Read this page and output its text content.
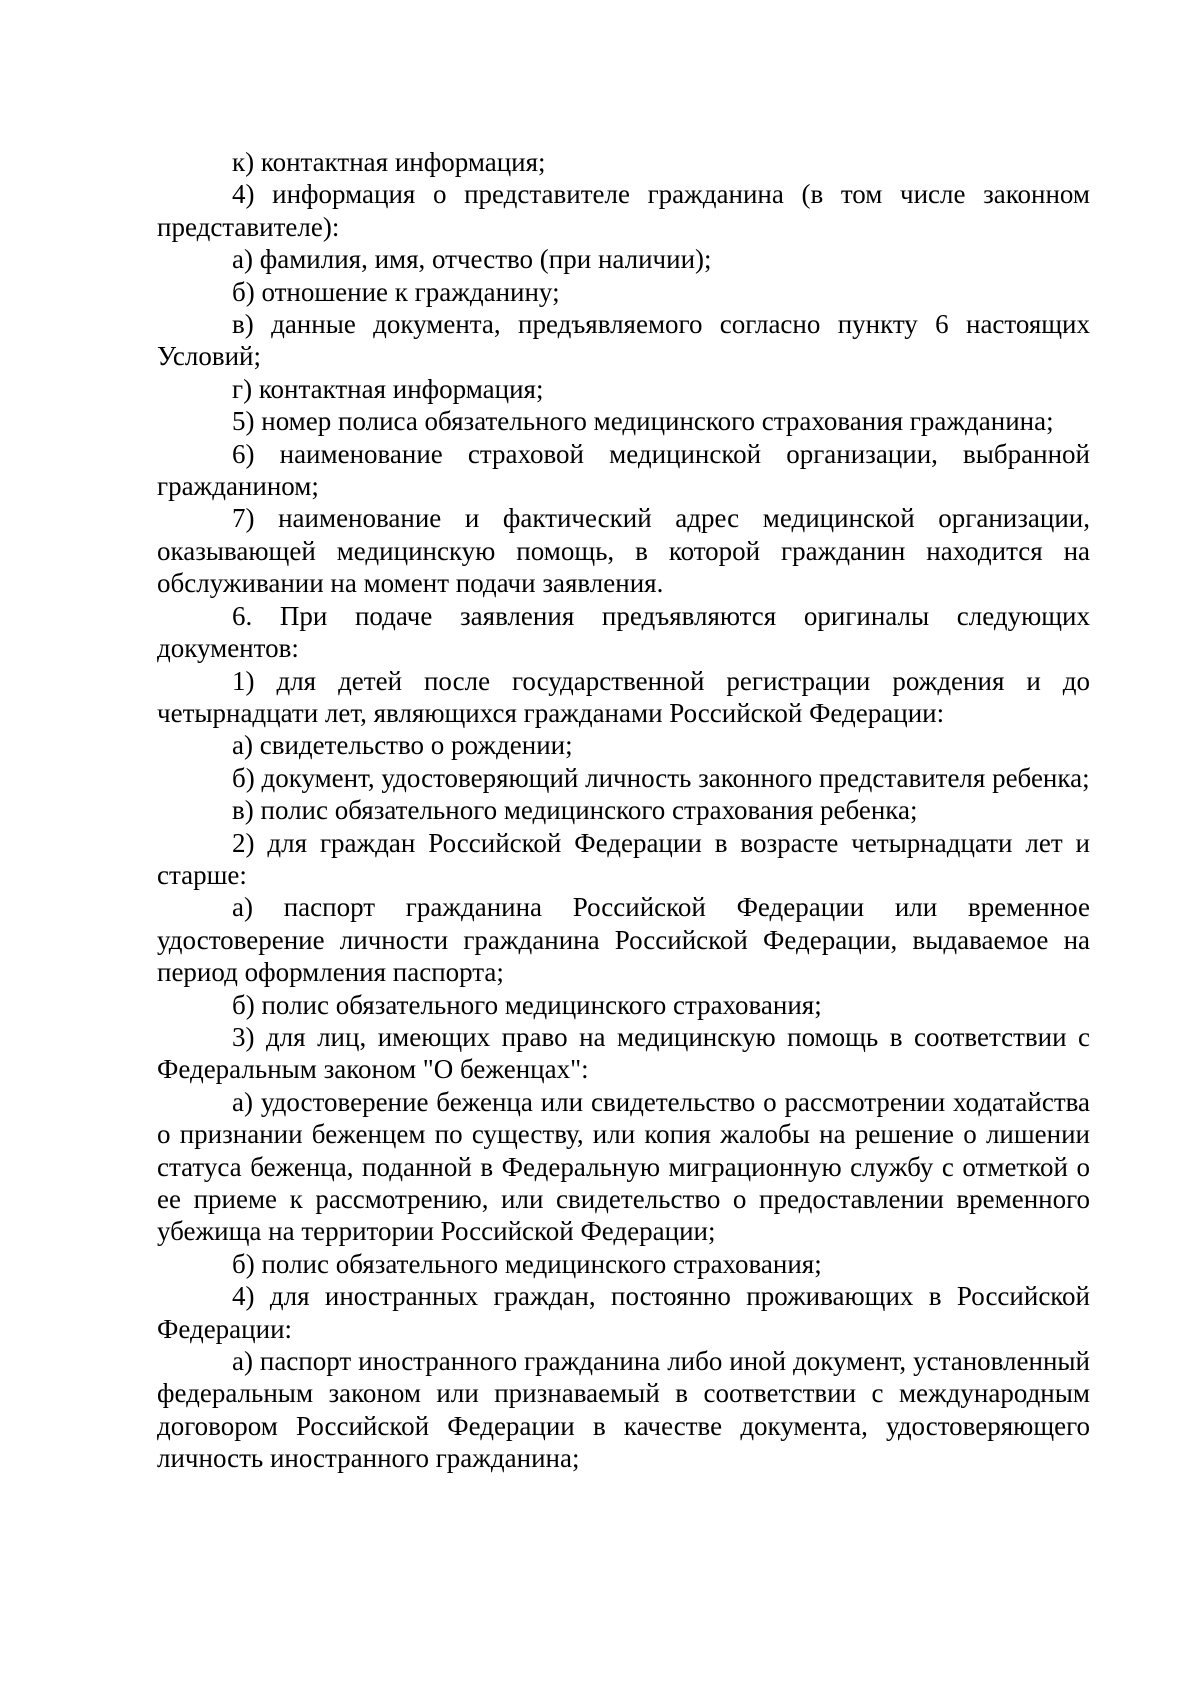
к) контактная информация;

4) информация о представителе гражданина (в том числе законном представителе):

а) фамилия, имя, отчество (при наличии);

б) отношение к гражданину;

в) данные документа, предъявляемого согласно пункту 6 настоящих Условий;

г) контактная информация;

5) номер полиса обязательного медицинского страхования гражданина;

6) наименование страховой медицинской организации, выбранной гражданином;

7) наименование и фактический адрес медицинской организации, оказывающей медицинскую помощь, в которой гражданин находится на обслуживании на момент подачи заявления.

6. При подаче заявления предъявляются оригиналы следующих документов:

1) для детей после государственной регистрации рождения и до четырнадцати лет, являющихся гражданами Российской Федерации:

а) свидетельство о рождении;

б) документ, удостоверяющий личность законного представителя ребенка;

в) полис обязательного медицинского страхования ребенка;

2) для граждан Российской Федерации в возрасте четырнадцати лет и старше:

а) паспорт гражданина Российской Федерации или временное удостоверение личности гражданина Российской Федерации, выдаваемое на период оформления паспорта;

б) полис обязательного медицинского страхования;

3) для лиц, имеющих право на медицинскую помощь в соответствии с Федеральным законом "О беженцах":

а) удостоверение беженца или свидетельство о рассмотрении ходатайства о признании беженцем по существу, или копия жалобы на решение о лишении статуса беженца, поданной в Федеральную миграционную службу с отметкой о ее приеме к рассмотрению, или свидетельство о предоставлении временного убежища на территории Российской Федерации;

б) полис обязательного медицинского страхования;

4) для иностранных граждан, постоянно проживающих в Российской Федерации:

а) паспорт иностранного гражданина либо иной документ, установленный федеральным законом или признаваемый в соответствии с международным договором Российской Федерации в качестве документа, удостоверяющего личность иностранного гражданина;
